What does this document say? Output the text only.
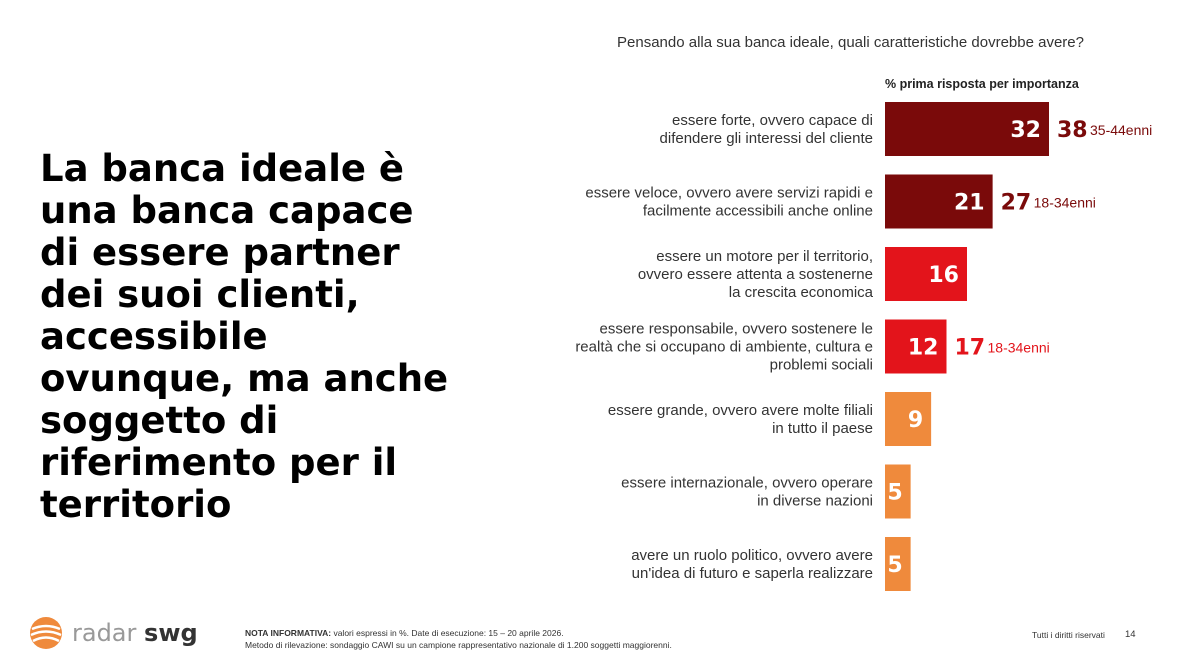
La banca ideale è una banca capace di essere partner dei suoi clienti, accessibile ovunque, ma anche soggetto di riferimento per il territorio
Pensando alla sua banca ideale, quali caratteristiche dovrebbe avere?
% prima risposta per importanza
32
essere forte, ovvero capace di
difendere gli interessi del cliente
21
essere veloce, ovvero avere servizi rapidi e
facilmente accessibili anche online
16
essere un motore per il territorio,
ovvero essere attenta a sostenerne
la crescita economica
12
essere responsabile, ovvero sostenere le
realtà che si occupano di ambiente, cultura e
problemi sociali
9
essere grande, ovvero avere molte filiali
in tutto il paese
5
essere internazionale, ovvero operare
in diverse nazioni
5
avere un ruolo politico, ovvero avere
un'idea di futuro e saperla realizzare
38 35-44enni
27 18-34enni
17 18-34enni
radar swg	NOTA INFORMATIVA: valori espressi in %. Date di esecuzione: 15 – 20 aprile 2026.
Metodo di rilevazione: sondaggio CAWI su un campione rappresentativo nazionale di 1.200 soggetti maggiorenni.
Tutti i diritti riservati 14
